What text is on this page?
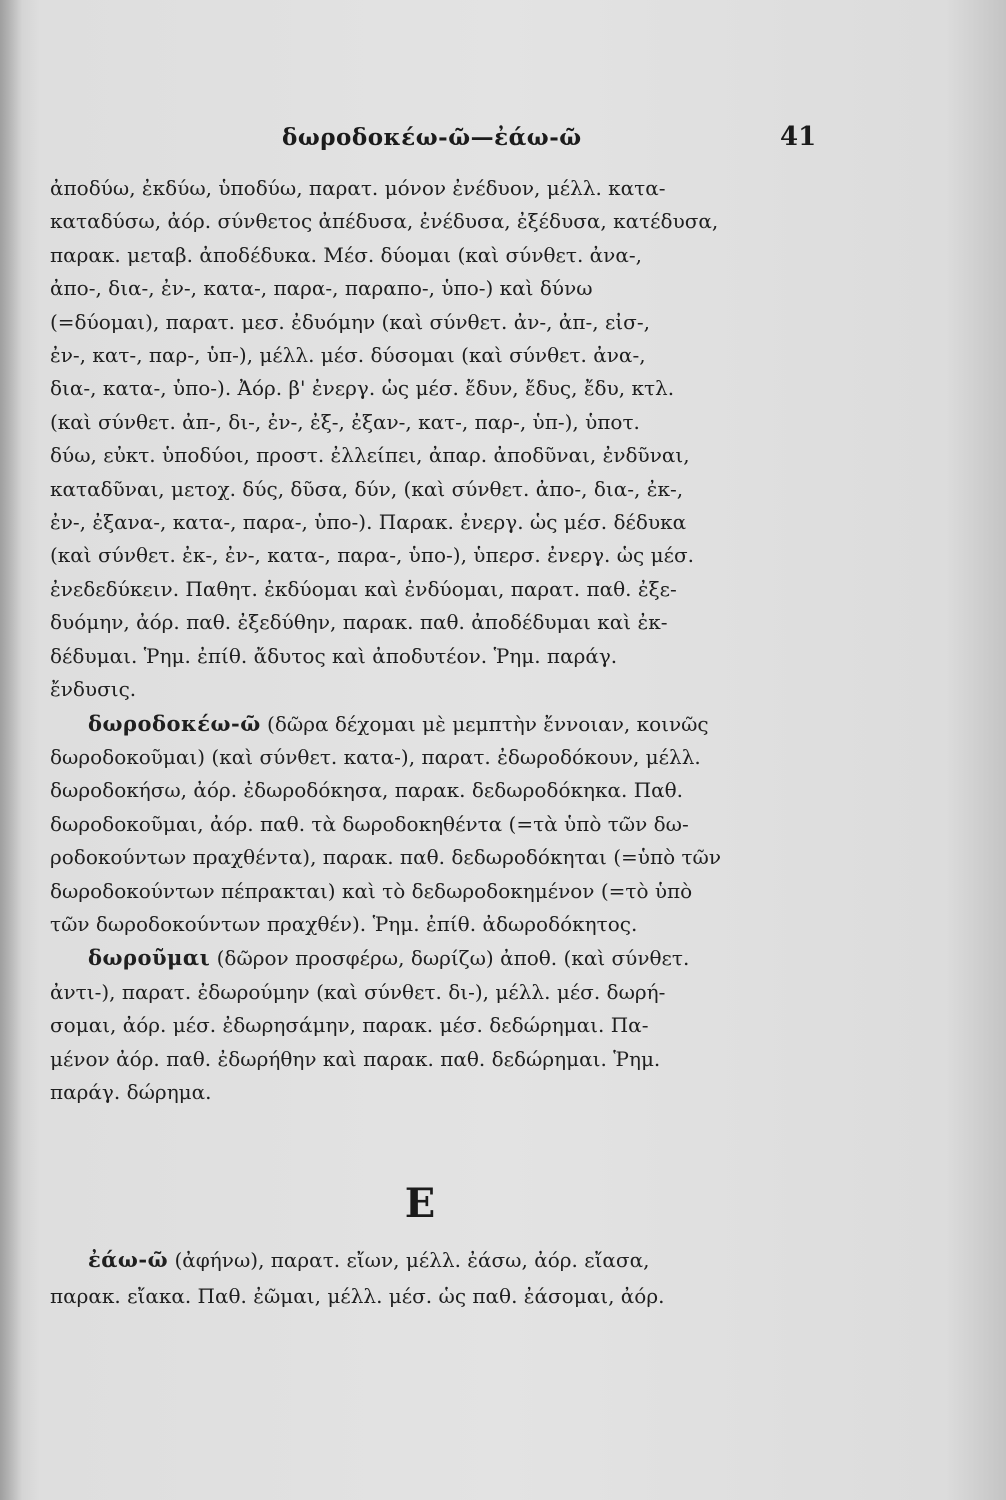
δωροδοκέω-ῶ—ἐάω-ῶ	41
ἀποδύω, ἐκδύω, ὑποδύω, παρατ. μόνον ἐνέδυον, μέλλ. κατα-
καταδύσω, ἀόρ. σύνθετος ἀπέδυσα, ἐνέδυσα, ἐξέδυσα, κατέδυσα,
παρακ. μεταβ. ἀποδέδυκα. Μέσ. δύομαι (καὶ σύνθετ. ἀνα-,
ἀπο-, δια-, ἐν-, κατα-, παρα-, παραπο-, ὑπο-) καὶ δύνω
(=δύομαι), παρατ. μεσ. ἐδυόμην (καὶ σύνθετ. ἀν-, ἀπ-, εἰσ-,
ἐν-, κατ-, παρ-, ὑπ-), μέλλ. μέσ. δύσομαι (καὶ σύνθετ. ἀνα-,
δια-, κατα-, ὑπο-). Ἀόρ. β' ἐνεργ. ὡς μέσ. ἔδυν, ἔδυς, ἔδυ, κτλ.
(καὶ σύνθετ. ἀπ-, δι-, ἐν-, ἐξ-, ἐξαν-, κατ-, παρ-, ὑπ-), ὑποτ.
δύω, εὐκτ. ὑποδύοι, προστ. ἐλλείπει, ἀπαρ. ἀποδῦναι, ἐνδῦναι,
καταδῦναι, μετοχ. δύς, δῦσα, δύν, (καὶ σύνθετ. ἀπο-, δια-, ἐκ-,
ἐν-, ἐξανα-, κατα-, παρα-, ὑπο-). Παρακ. ἐνεργ. ὡς μέσ. δέδυκα
(καὶ σύνθετ. ἐκ-, ἐν-, κατα-, παρα-, ὑπο-), ὑπερσ. ἐνεργ. ὡς μέσ.
ἐνεδεδύκειν. Παθητ. ἐκδύομαι καὶ ἐνδύομαι, παρατ. παθ. ἐξε-
δυόμην, ἀόρ. παθ. ἐξεδύθην, παρακ. παθ. ἀποδέδυμαι καὶ ἐκ-
δέδυμαι. Ῥημ. ἐπίθ. ἄδυτος καὶ ἀποδυτέον. Ῥημ. παράγ.
ἔνδυσις.
δωροδοκέω-ῶ (δῶρα δέχομαι μὲ μεμπτὴν ἔννοιαν, κοινῶς
δωροδοκοῦμαι) (καὶ σύνθετ. κατα-), παρατ. ἐδωροδόκουν, μέλλ.
δωροδοκήσω, ἀόρ. ἐδωροδόκησα, παρακ. δεδωροδόκηκα. Παθ.
δωροδοκοῦμαι, ἀόρ. παθ. τὰ δωροδοκηθέντα (=τὰ ὑπὸ τῶν δω-
ροδοκούντων πραχθέντα), παρακ. παθ. δεδωροδόκηται (=ὑπὸ τῶν
δωροδοκούντων πέπρακται) καὶ τὸ δεδωροδοκημένον (=τὸ ὑπὸ
τῶν δωροδοκούντων πραχθέν). Ῥημ. ἐπίθ. ἀδωροδόκητος.
δωροῦμαι (δῶρον προσφέρω, δωρίζω) ἀποθ. (καὶ σύνθετ.
ἀντι-), παρατ. ἐδωρούμην (καὶ σύνθετ. δι-), μέλλ. μέσ. δωρή-
σομαι, ἀόρ. μέσ. ἐδωρησάμην, παρακ. μέσ. δεδώρημαι. Πα-
μένον ἀόρ. παθ. ἐδωρήθην καὶ παρακ. παθ. δεδώρημαι. Ῥημ.
παράγ. δώρημα.
Ε
ἐάω-ῶ (ἀφήνω), παρατ. εἴων, μέλλ. ἐάσω, ἀόρ. εἴασα,
παρακ. εἴακα. Παθ. ἐῶμαι, μέλλ. μέσ. ὡς παθ. ἐάσομαι, ἀόρ.
